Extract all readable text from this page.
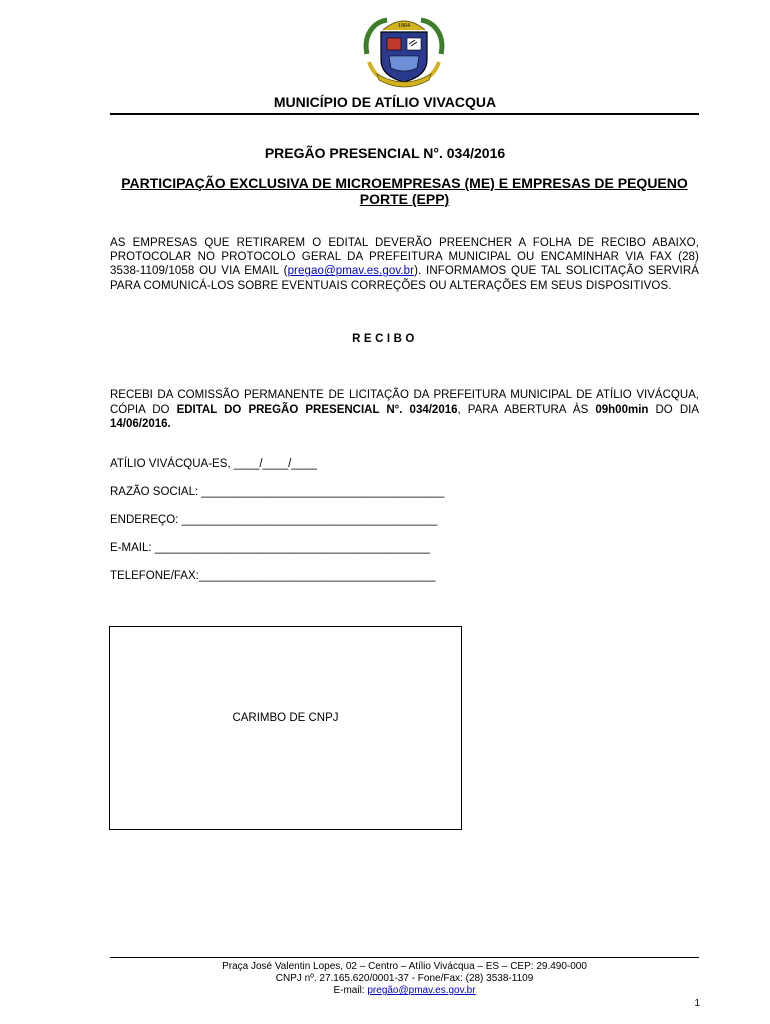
1864
MUNICÍPIO DE ATÍLIO VIVACQUA
PREGÃO PRESENCIAL N°. 034/2016
PARTICIPAÇÃO EXCLUSIVA DE MICROEMPRESAS (ME) E EMPRESAS DE PEQUENO PORTE (EPP)
AS EMPRESAS QUE RETIRAREM O EDITAL DEVERÃO PREENCHER A FOLHA DE RECIBO ABAIXO, PROTOCOLAR NO PROTOCOLO GERAL DA PREFEITURA MUNICIPAL OU ENCAMINHAR VIA FAX (28) 3538-1109/1058 OU VIA EMAIL (pregao@pmav.es.gov.br). INFORMAMOS QUE TAL SOLICITAÇÃO SERVIRÁ PARA COMUNICÁ-LOS SOBRE EVENTUAIS CORREÇÕES OU ALTERAÇÕES EM SEUS DISPOSITIVOS.
RECIBO
RECEBI DA COMISSÃO PERMANENTE DE LICITAÇÃO DA PREFEITURA MUNICIPAL DE ATÍLIO VIVÁCQUA, CÓPIA DO EDITAL DO PREGÃO PRESENCIAL N°. 034/2016, PARA ABERTURA ÀS 09h00min DO DIA 14/06/2016.
ATÍLIO VIVÁCQUA-ES, ____/____/____
RAZÃO SOCIAL: ______________________________________
ENDEREÇO: ________________________________________
E-MAIL: ___________________________________________
TELEFONE/FAX:_____________________________________
CARIMBO DE CNPJ
Praça José Valentin Lopes, 02 – Centro – Atílio Vivácqua – ES – CEP: 29.490-000
CNPJ nº. 27.165.620/0001-37 - Fone/Fax: (28) 3538-1109
E-mail: pregão@pmav.es.gov.br
1
